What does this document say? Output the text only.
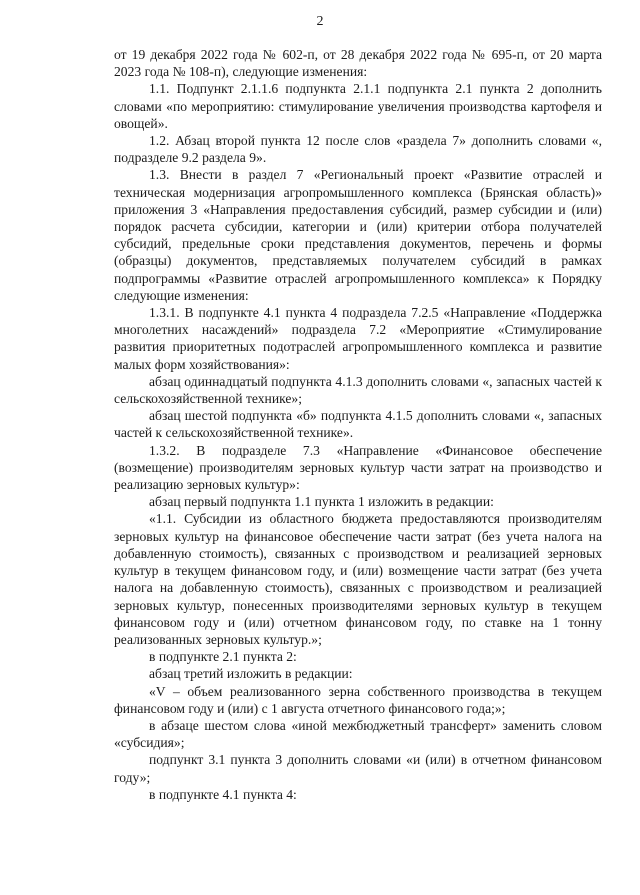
2

от 19 декабря 2022 года № 602-п, от 28 декабря 2022 года № 695-п, от 20 марта 2023 года № 108-п), следующие изменения:

1.1. Подпункт 2.1.1.6 подпункта 2.1.1 подпункта 2.1 пункта 2 дополнить словами «по мероприятию: стимулирование увеличения производства картофеля и овощей».

1.2. Абзац второй пункта 12 после слов «раздела 7» дополнить словами «, подразделе 9.2 раздела 9».

1.3. Внести в раздел 7 «Региональный проект «Развитие отраслей и техническая модернизация агропромышленного комплекса (Брянская область)» приложения 3 «Направления предоставления субсидий, размер субсидии и (или) порядок расчета субсидии, категории и (или) критерии отбора получателей субсидий, предельные сроки представления документов, перечень и формы (образцы) документов, представляемых получателем субсидий в рамках подпрограммы «Развитие отраслей агропромышленного комплекса» к Порядку следующие изменения:

1.3.1. В подпункте 4.1 пункта 4 подраздела 7.2.5 «Направление «Поддержка многолетних насаждений» подраздела 7.2 «Мероприятие «Стимулирование развития приоритетных подотраслей агропромышленного комплекса и развитие малых форм хозяйствования»:

абзац одиннадцатый подпункта 4.1.3 дополнить словами «, запасных частей к сельскохозяйственной технике»;

абзац шестой подпункта «б» подпункта 4.1.5 дополнить словами «, запасных частей к сельскохозяйственной технике».

1.3.2. В подразделе 7.3 «Направление «Финансовое обеспечение (возмещение) производителям зерновых культур части затрат на производство и реализацию зерновых культур»:

абзац первый подпункта 1.1 пункта 1 изложить в редакции:

«1.1. Субсидии из областного бюджета предоставляются производителям зерновых культур на финансовое обеспечение части затрат (без учета налога на добавленную стоимость), связанных с производством и реализацией зерновых культур в текущем финансовом году, и (или) возмещение части затрат (без учета налога на добавленную стоимость), связанных с производством и реализацией зерновых культур, понесенных производителями зерновых культур в текущем финансовом году и (или) отчетном финансовом году, по ставке на 1 тонну реализованных зерновых культур.»;

в подпункте 2.1 пункта 2:

абзац третий изложить в редакции:

«V – объем реализованного зерна собственного производства в текущем финансовом году и (или) с 1 августа отчетного финансового года;»;

в абзаце шестом слова «иной межбюджетный трансферт» заменить словом «субсидия»;

подпункт 3.1 пункта 3 дополнить словами «и (или) в отчетном финансовом году»;

в подпункте 4.1 пункта 4:
